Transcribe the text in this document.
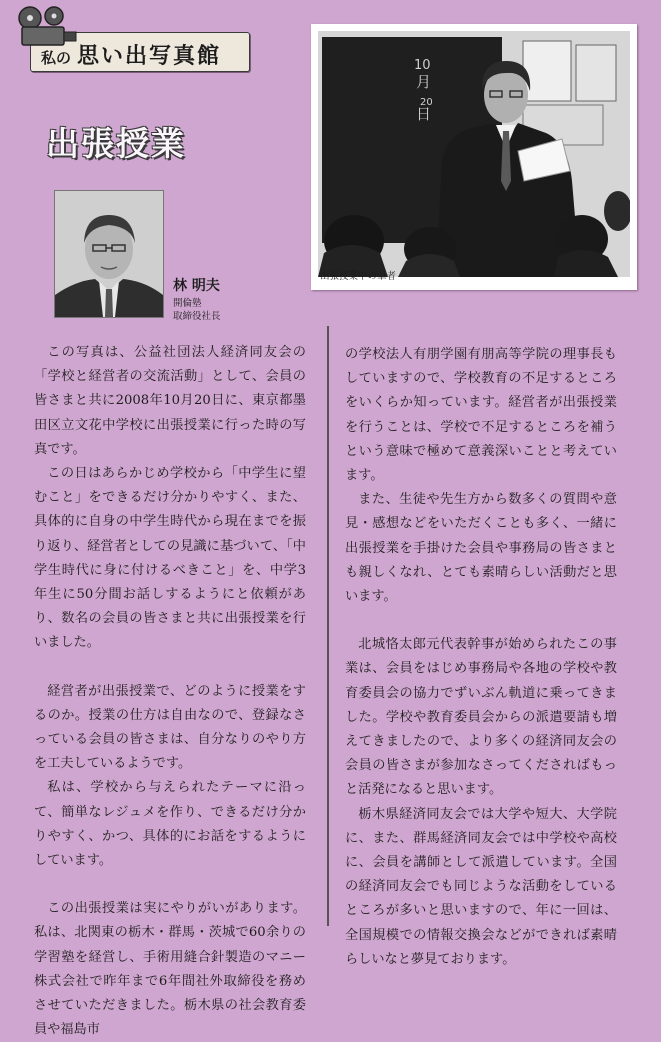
私の 思い出写真館
出張授業
林 明夫
開倫塾
取締役社長
10
月
20
日
出張授業中の筆者

この写真は、公益社団法人経済同友会の「学校と経営者の交流活動」として、会員の皆さまと共に2008年10月20日に、東京都墨田区立文花中学校に出張授業に行った時の写真です。

この日はあらかじめ学校から「中学生に望むこと」をできるだけ分かりやすく、また、具体的に自身の中学生時代から現在までを振り返り、経営者としての見識に基づいて、「中学生時代に身に付けるべきこと」を、中学3年生に50分間お話しするようにと依頼があり、数名の会員の皆さまと共に出張授業を行いました。

経営者が出張授業で、どのように授業をするのか。授業の仕方は自由なので、登録なさっている会員の皆さまは、自分なりのやり方を工夫しているようです。

私は、学校から与えられたテーマに沿って、簡単なレジュメを作り、できるだけ分かりやすく、かつ、具体的にお話をするようにしています。

この出張授業は実にやりがいがあります。私は、北関東の栃木・群馬・茨城で60余りの学習塾を経営し、手術用縫合針製造のマニー株式会社で昨年まで6年間社外取締役を務めさせていただきました。栃木県の社会教育委員や福島市

の学校法人有朋学園有朋高等学院の理事長もしていますので、学校教育の不足するところをいくらか知っています。経営者が出張授業を行うことは、学校で不足するところを補うという意味で極めて意義深いことと考えています。

また、生徒や先生方から数多くの質問や意見・感想などをいただくことも多く、一緒に出張授業を手掛けた会員や事務局の皆さまとも親しくなれ、とても素晴らしい活動だと思います。

北城恪太郎元代表幹事が始められたこの事業は、会員をはじめ事務局や各地の学校や教育委員会の協力でずいぶん軌道に乗ってきました。学校や教育委員会からの派遣要請も増えてきましたので、より多くの経済同友会の会員の皆さまが参加なさってくださればもっと活発になると思います。

栃木県経済同友会では大学や短大、大学院に、また、群馬経済同友会では中学校や高校に、会員を講師として派遣しています。全国の経済同友会でも同じような活動をしているところが多いと思いますので、年に一回は、全国規模での情報交換会などができれば素晴らしいなと夢見ております。
